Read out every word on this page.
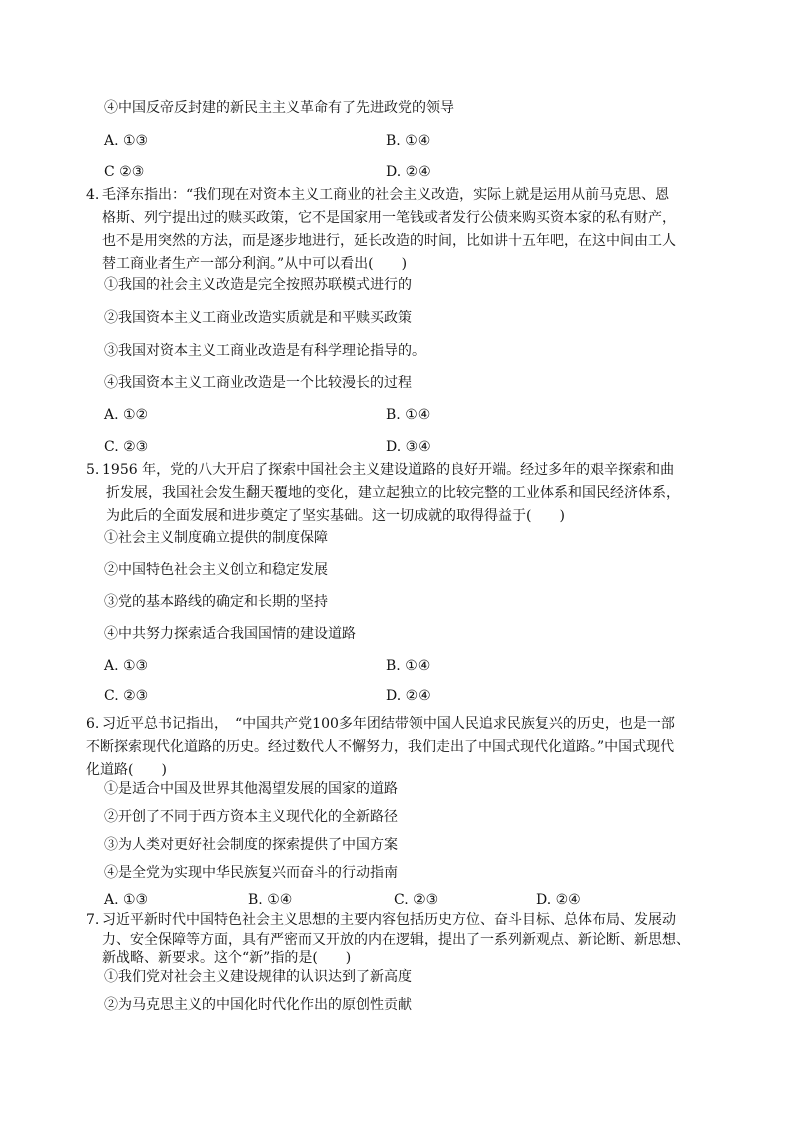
④中国反帝反封建的新民主主义革命有了先进政党的领导
A. ①③	B. ①④
C ②③	D. ②④
4. 毛泽东指出：“我们现在对资本主义工商业的社会主义改造，实际上就是运用从前马克思、恩
格斯、列宁提出过的赎买政策，它不是国家用一笔钱或者发行公债来购买资本家的私有财产，
也不是用突然的方法，而是逐步地进行，延长改造的时间，比如讲十五年吧，在这中间由工人
替工商业者生产一部分利润。”从中可以看出(　　)
①我国的社会主义改造是完全按照苏联模式进行的
②我国资本主义工商业改造实质就是和平赎买政策
③我国对资本主义工商业改造是有科学理论指导的。
④我国资本主义工商业改造是一个比较漫长的过程
A. ①②	B. ①④
C. ②③	D. ③④
5. 1956 年，党的八大开启了探索中国社会主义建设道路的良好开端。经过多年的艰辛探索和曲
折发展，我国社会发生翻天覆地的变化，建立起独立的比较完整的工业体系和国民经济体系，
为此后的全面发展和进步奠定了坚实基础。这一切成就的取得得益于(　　)
①社会主义制度确立提供的制度保障
②中国特色社会主义创立和稳定发展
③党的基本路线的确定和长期的坚持
④中共努力探索适合我国国情的建设道路
A. ①③	B. ①④
C. ②③	D. ②④
6. 习近平总书记指出，　“中国共产党100多年团结带领中国人民追求民族复兴的历史，也是一部
不断探索现代化道路的历史。经过数代人不懈努力，我们走出了中国式现代化道路。”中国式现代
化道路(　　)
①是适合中国及世界其他渴望发展的国家的道路
②开创了不同于西方资本主义现代化的全新路径
③为人类对更好社会制度的探索提供了中国方案
④是全党为实现中华民族复兴而奋斗的行动指南
A. ①③	B. ①④	C. ②③	D. ②④
7. 习近平新时代中国特色社会主义思想的主要内容包括历史方位、奋斗目标、总体布局、发展动
力、安全保障等方面，具有严密而又开放的内在逻辑，提出了一系列新观点、新论断、新思想、
新战略、新要求。这个“新”指的是(　　)
①我们党对社会主义建设规律的认识达到了新高度
②为马克思主义的中国化时代化作出的原创性贡献
